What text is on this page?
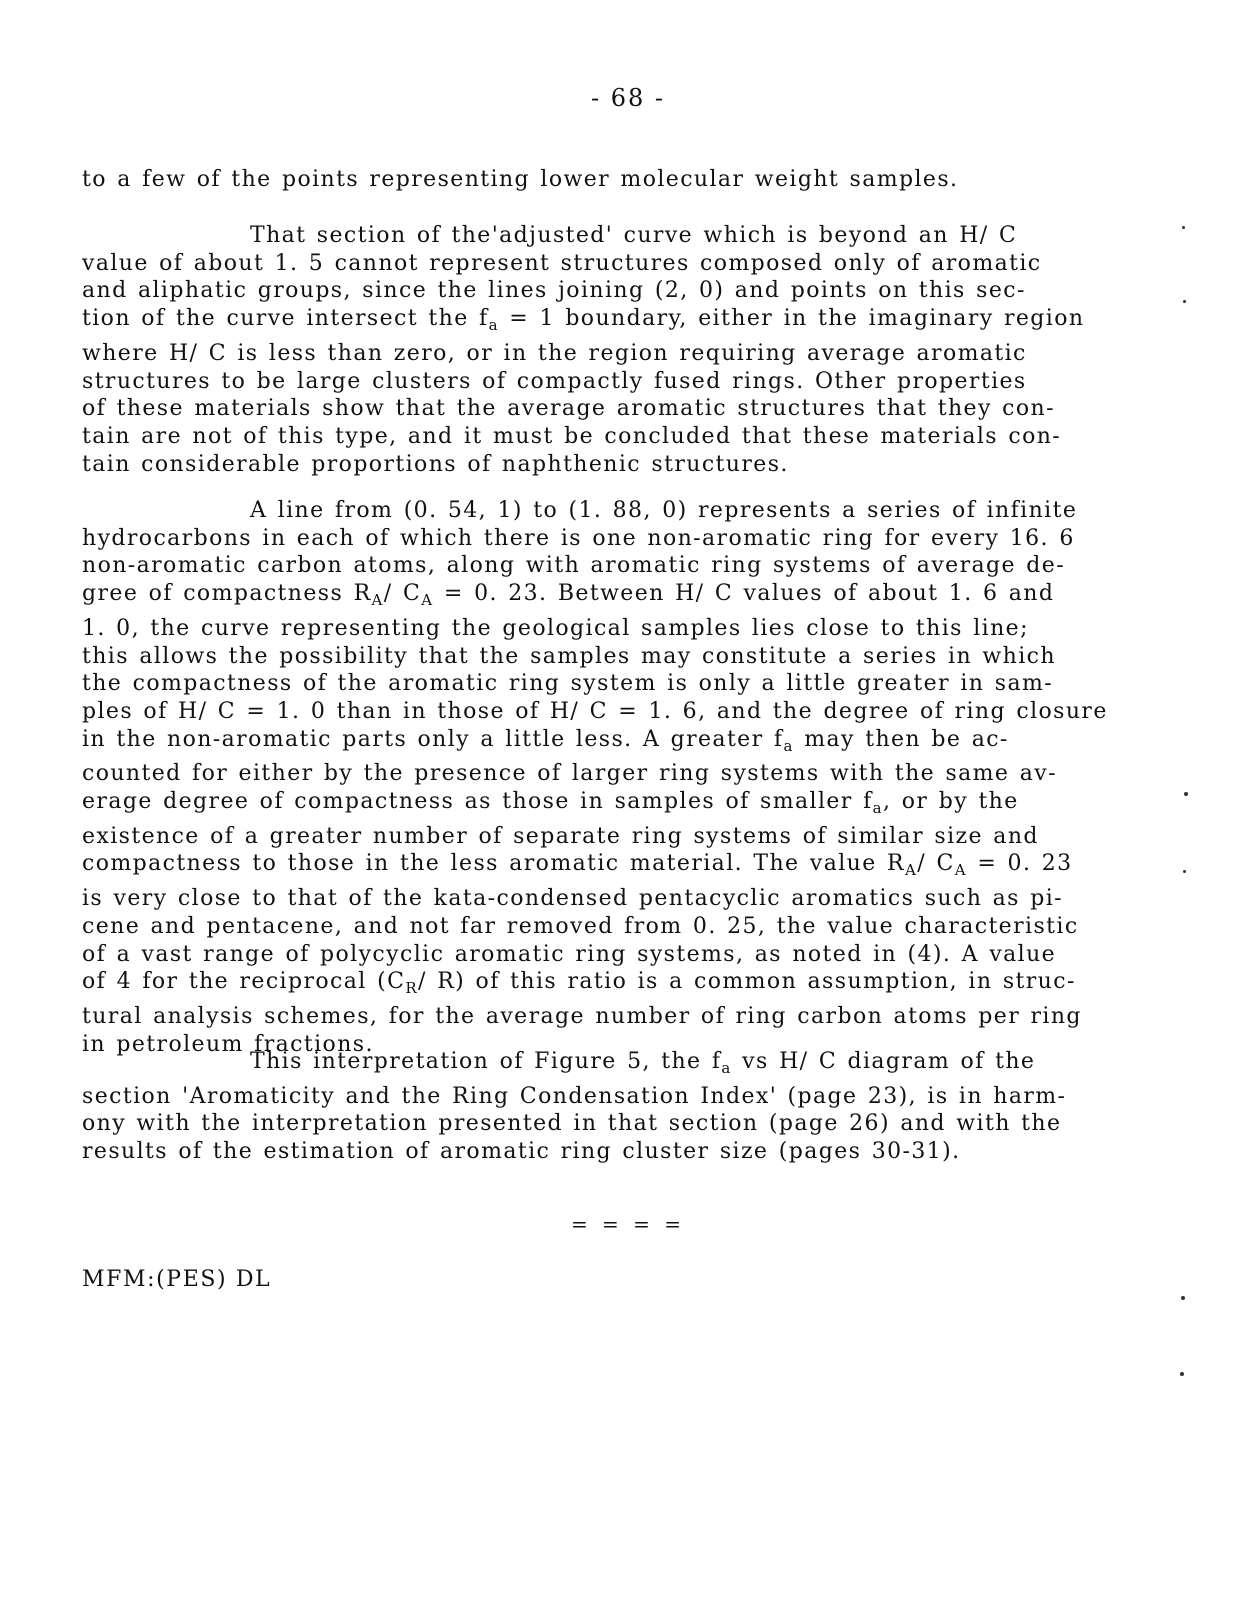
- 68 -
to a few of the points representing lower molecular weight samples.
That section of the'adjusted' curve which is beyond an H/ C
value of about 1. 5 cannot represent structures composed only of aromatic
and aliphatic groups, since the lines joining (2, 0) and points on this sec-
tion of the curve intersect the $f_a = 1$ boundary, either in the imaginary region
where H/ C is less than zero, or in the region requiring average aromatic
structures to be large clusters of compactly fused rings. Other properties
of these materials show that the average aromatic structures that they con-
tain are not of this type, and it must be concluded that these materials con-
tain considerable proportions of naphthenic structures.
A line from (0. 54, 1) to (1. 88, 0) represents a series of infinite
hydrocarbons in each of which there is one non-aromatic ring for every 16. 6
non-aromatic carbon atoms, along with aromatic ring systems of average de-
gree of compactness $R_A/$ $C_A = 0$. 23. Between H/ C values of about 1. 6 and
1. 0, the curve representing the geological samples lies close to this line;
this allows the possibility that the samples may constitute a series in which
the compactness of the aromatic ring system is only a little greater in sam-
ples of H/ C = 1. 0 than in those of H/ C = 1. 6, and the degree of ring closure
in the non-aromatic parts only a little less. A greater $f_a$ may then be ac-
counted for either by the presence of larger ring systems with the same av-
erage degree of compactness as those in samples of smaller $f_a$, or by the
existence of a greater number of separate ring systems of similar size and
compactness to those in the less aromatic material. The value $R_A/$ $C_A = 0$. 23
is very close to that of the kata-condensed pentacyclic aromatics such as pi-
cene and pentacene, and not far removed from 0. 25, the value characteristic
of a vast range of polycyclic aromatic ring systems, as noted in (4). A value
of 4 for the reciprocal ($C_R/$ R) of this ratio is a common assumption, in struc-
tural analysis schemes, for the average number of ring carbon atoms per ring
in petroleum fractions.
This interpretation of Figure 5, the $f_a$ vs H/ C diagram of the
section 'Aromaticity and the Ring Condensation Index' (page 23), is in harm-
ony with the interpretation presented in that section (page 26) and with the
results of the estimation of aromatic ring cluster size (pages 30-31).
= = = =
MFM:(PES) DL
